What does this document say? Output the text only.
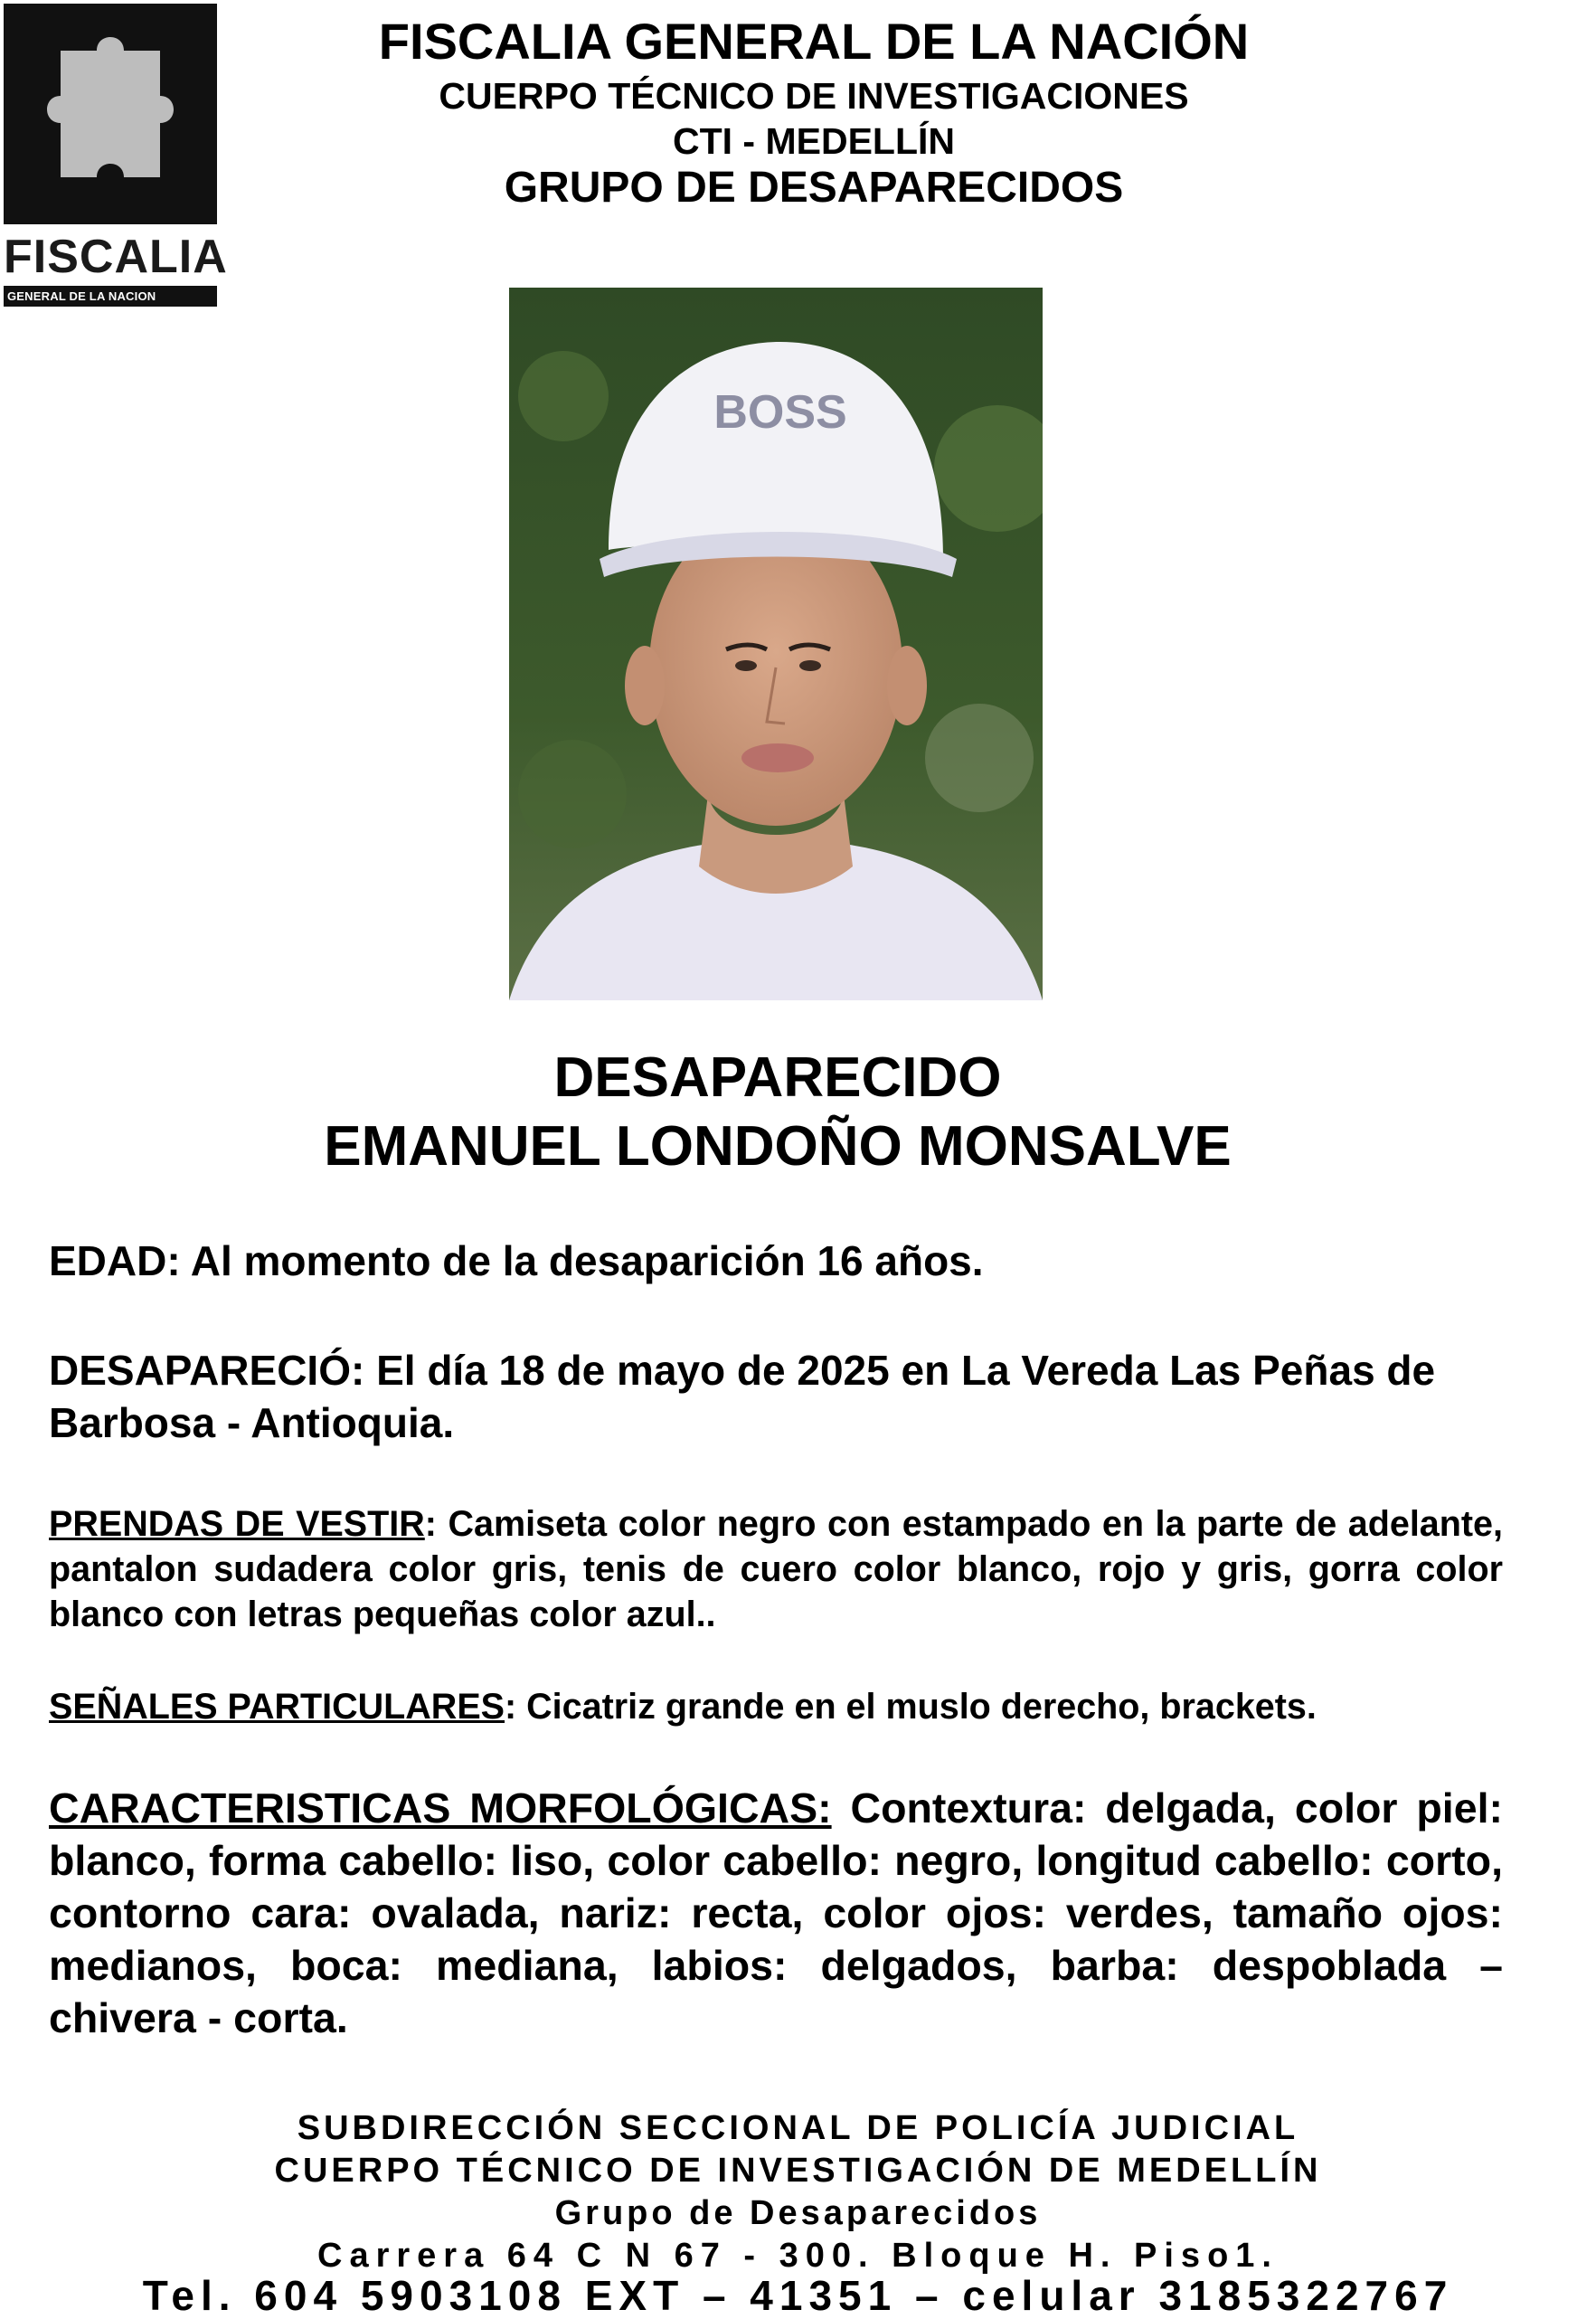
FISCALIA
GENERAL DE LA NACION
FISCALIA GENERAL DE LA NACIÓN
CUERPO TÉCNICO DE INVESTIGACIONES
CTI - MEDELLÍN
GRUPO DE DESAPARECIDOS
BOSS
DESAPARECIDO
EMANUEL LONDOÑO MONSALVE
EDAD: Al momento de la desaparición 16 años.
DESAPARECIÓ: El día 18 de mayo de 2025 en La Vereda Las Peñas de Barbosa - Antioquia.
PRENDAS DE VESTIR: Camiseta color negro con estampado en la parte de adelante, pantalon sudadera color gris, tenis de cuero color blanco, rojo y gris, gorra color blanco con letras pequeñas color azul..
SEÑALES PARTICULARES: Cicatriz grande en el muslo derecho, brackets.
CARACTERISTICAS MORFOLÓGICAS: Contextura: delgada, color piel: blanco, forma cabello: liso, color cabello: negro, longitud cabello: corto, contorno cara: ovalada, nariz: recta, color ojos: verdes, tamaño ojos: medianos, boca: mediana, labios: delgados, barba: despoblada – chivera - corta.
SUBDIRECCIÓN SECCIONAL DE POLICÍA JUDICIAL
CUERPO TÉCNICO DE INVESTIGACIÓN DE MEDELLÍN
Grupo de Desaparecidos
Carrera 64 C N 67 - 300. Bloque H. Piso1.
Tel. 604 5903108 EXT – 41351 – celular 3185322767
